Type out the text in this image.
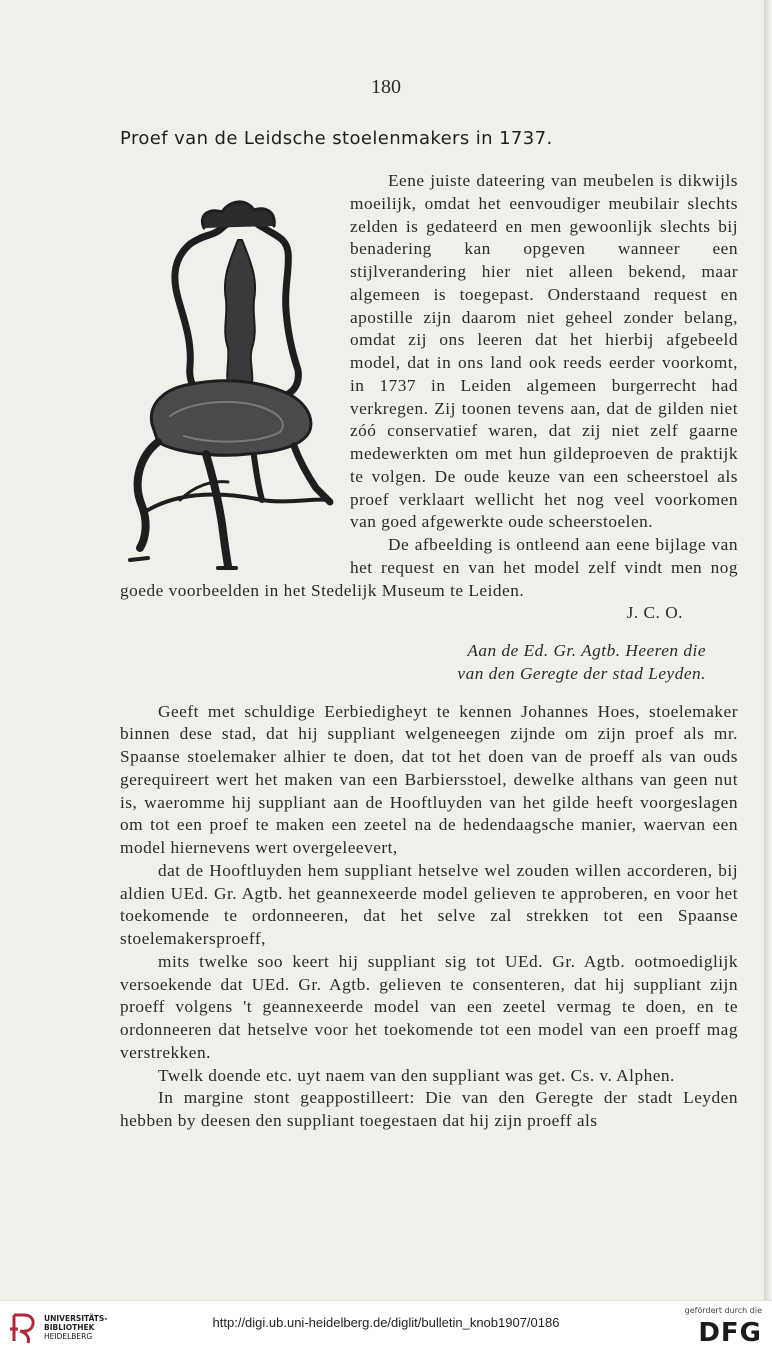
180
Proef van de Leidsche stoelenmakers in 1737.

Eene juiste dateering van meubelen is dikwijls moeilijk, omdat het eenvoudiger meubilair slechts zelden is gedateerd en men gewoonlijk slechts bij benadering kan opgeven wanneer een stijlverandering hier niet alleen bekend, maar algemeen is toegepast. Onderstaand request en apostille zijn daarom niet geheel zonder belang, omdat zij ons leeren dat het hierbij afgebeeld model, dat in ons land ook reeds eerder voorkomt, in 1737 in Leiden algemeen burgerrecht had verkregen. Zij toonen tevens aan, dat de gilden niet zóó conservatief waren, dat zij niet zelf gaarne medewerkten om met hun gildeproeven de praktijk te volgen. De oude keuze van een scheerstoel als proef verklaart wellicht het nog veel voorkomen van goed afgewerkte oude scheerstoelen.

De afbeelding is ontleend aan eene bijlage van het request en van het model zelf vindt men nog goede voorbeelden in het Stedelijk Museum te Leiden.

J. C. O.

Aan de Ed. Gr. Agtb. Heeren die

van den Geregte der stad Leyden.

Geeft met schuldige Eerbiedigheyt te kennen Johannes Hoes, stoelemaker binnen dese stad, dat hij suppliant welgeneegen zijnde om zijn proef als mr. Spaanse stoelemaker alhier te doen, dat tot het doen van de proeff als van ouds gerequireert wert het maken van een Barbiersstoel, dewelke althans van geen nut is, waeromme hij suppliant aan de Hooftluyden van het gilde heeft voorgeslagen om tot een proef te maken een zeetel na de hedendaagsche manier, waervan een model hiernevens wert overgeleevert,

dat de Hooftluyden hem suppliant hetselve wel zouden willen accorderen, bij aldien UEd. Gr. Agtb. het geannexeerde model gelieven te approberen, en voor het toekomende te ordonneeren, dat het selve zal strekken tot een Spaanse stoelemakersproeff,

mits twelke soo keert hij suppliant sig tot UEd. Gr. Agtb. ootmoediglijk versoekende dat UEd. Gr. Agtb. gelieven te consenteren, dat hij suppliant zijn proeff volgens 't geannexeerde model van een zeetel vermag te doen, en te ordonneeren dat hetselve voor het toekomende tot een model van een proeff mag verstrekken.

Twelk doende etc. uyt naem van den suppliant was get. Cs. v. Alphen.

In margine stont geappostilleert: Die van den Geregte der stadt Leyden hebben by deesen den suppliant toegestaen dat hij zijn proeff als

UNIVERSITÄTS-
BIBLIOTHEK
HEIDELBERG
http://digi.ub.uni-heidelberg.de/diglit/bulletin_knob1907/0186
gefördert durch die
DFG
